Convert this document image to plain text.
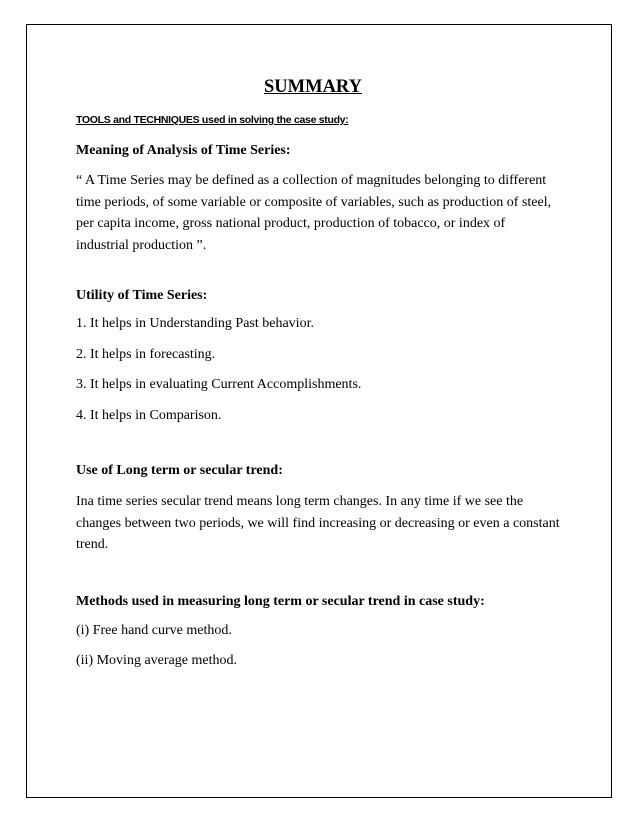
SUMMARY
TOOLS and TECHNIQUES used in solving the case study:
Meaning of Analysis of Time Series:

“ A Time Series may be defined as a collection of magnitudes belonging to different time periods, of some variable or composite of variables, such as production of steel, per capita income, gross national product, production of tobacco, or index of industrial production ”.

Utility of Time Series:
1. It helps in Understanding Past behavior.
2. It helps in forecasting.
3. It helps in evaluating Current Accomplishments.
4. It helps in Comparison.
Use of Long term or secular trend:

Ina time series secular trend means long term changes. In any time if we see the changes between two periods, we will find increasing or decreasing or even a constant trend.

Methods used in measuring long term or secular trend in case study:
(i) Free hand curve method.
(ii) Moving average method.
